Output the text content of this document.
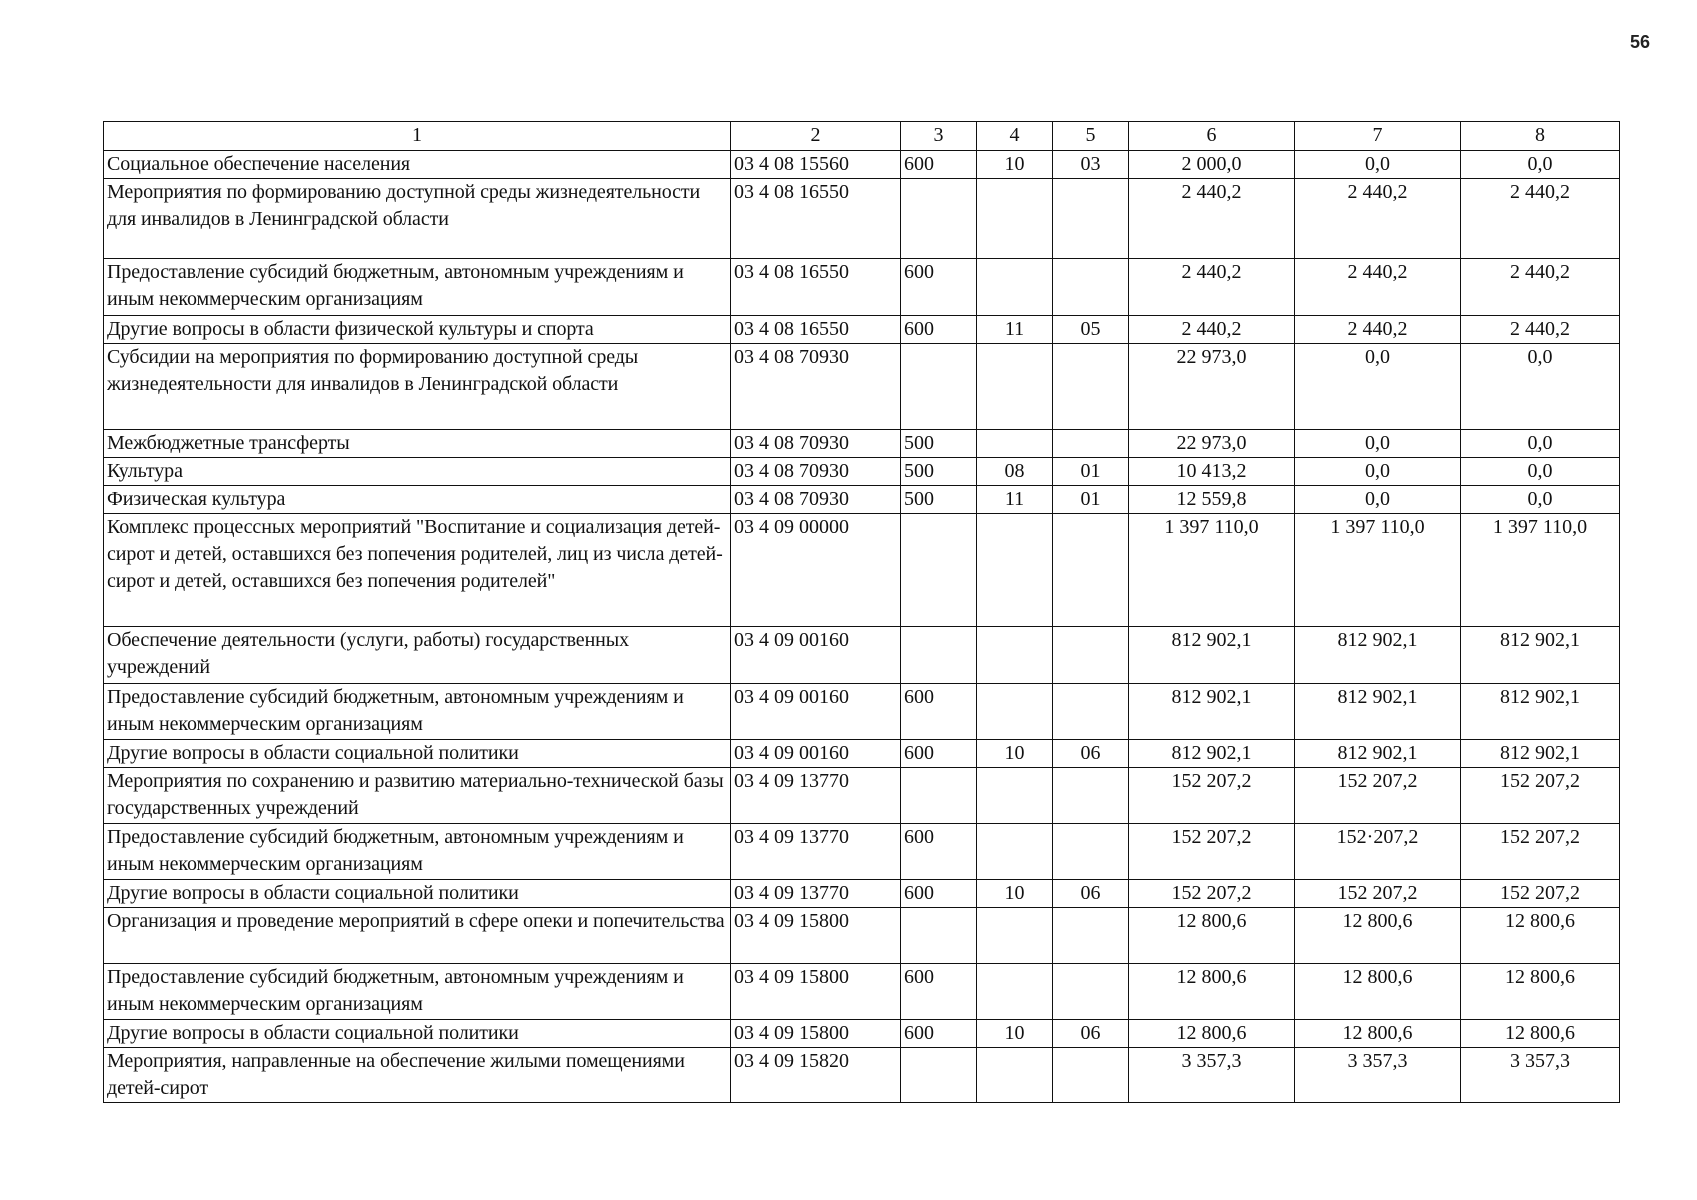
56
1	2	3	4	5	6	7	8
Социальное обеспечение населения	03 4 08 15560	600	10	03	2 000,0	0,0	0,0
Мероприятия по формированию доступной среды жизнедеятельности для инвалидов в Ленинградской области	03 4 08 16550				2 440,2	2 440,2	2 440,2
Предоставление субсидий бюджетным, автономным учреждениям и иным некоммерческим организациям	03 4 08 16550	600			2 440,2	2 440,2	2 440,2
Другие вопросы в области физической культуры и спорта	03 4 08 16550	600	11	05	2 440,2	2 440,2	2 440,2
Субсидии на мероприятия по формированию доступной среды жизнедеятельности для инвалидов в Ленинградской области	03 4 08 70930				22 973,0	0,0	0,0
Межбюджетные трансферты	03 4 08 70930	500			22 973,0	0,0	0,0
Культура	03 4 08 70930	500	08	01	10 413,2	0,0	0,0
Физическая культура	03 4 08 70930	500	11	01	12 559,8	0,0	0,0
Комплекс процессных мероприятий "Воспитание и социализация детей-сирот и детей, оставшихся без попечения родителей, лиц из числа детей-сирот и детей, оставшихся без попечения родителей"	03 4 09 00000				1 397 110,0	1 397 110,0	1 397 110,0
Обеспечение деятельности (услуги, работы) государственных учреждений	03 4 09 00160				812 902,1	812 902,1	812 902,1
Предоставление субсидий бюджетным, автономным учреждениям и иным некоммерческим организациям	03 4 09 00160	600			812 902,1	812 902,1	812 902,1
Другие вопросы в области социальной политики	03 4 09 00160	600	10	06	812 902,1	812 902,1	812 902,1
Мероприятия по сохранению и развитию материально-технической базы государственных учреждений	03 4 09 13770				152 207,2	152 207,2	152 207,2
Предоставление субсидий бюджетным, автономным учреждениям и иным некоммерческим организациям	03 4 09 13770	600			152 207,2	152·207,2	152 207,2
Другие вопросы в области социальной политики	03 4 09 13770	600	10	06	152 207,2	152 207,2	152 207,2
Организация и проведение мероприятий в сфере опеки и попечительства	03 4 09 15800				12 800,6	12 800,6	12 800,6
Предоставление субсидий бюджетным, автономным учреждениям и иным некоммерческим организациям	03 4 09 15800	600			12 800,6	12 800,6	12 800,6
Другие вопросы в области социальной политики	03 4 09 15800	600	10	06	12 800,6	12 800,6	12 800,6
Мероприятия, направленные на обеспечение жилыми помещениями детей-сирот	03 4 09 15820				3 357,3	3 357,3	3 357,3
